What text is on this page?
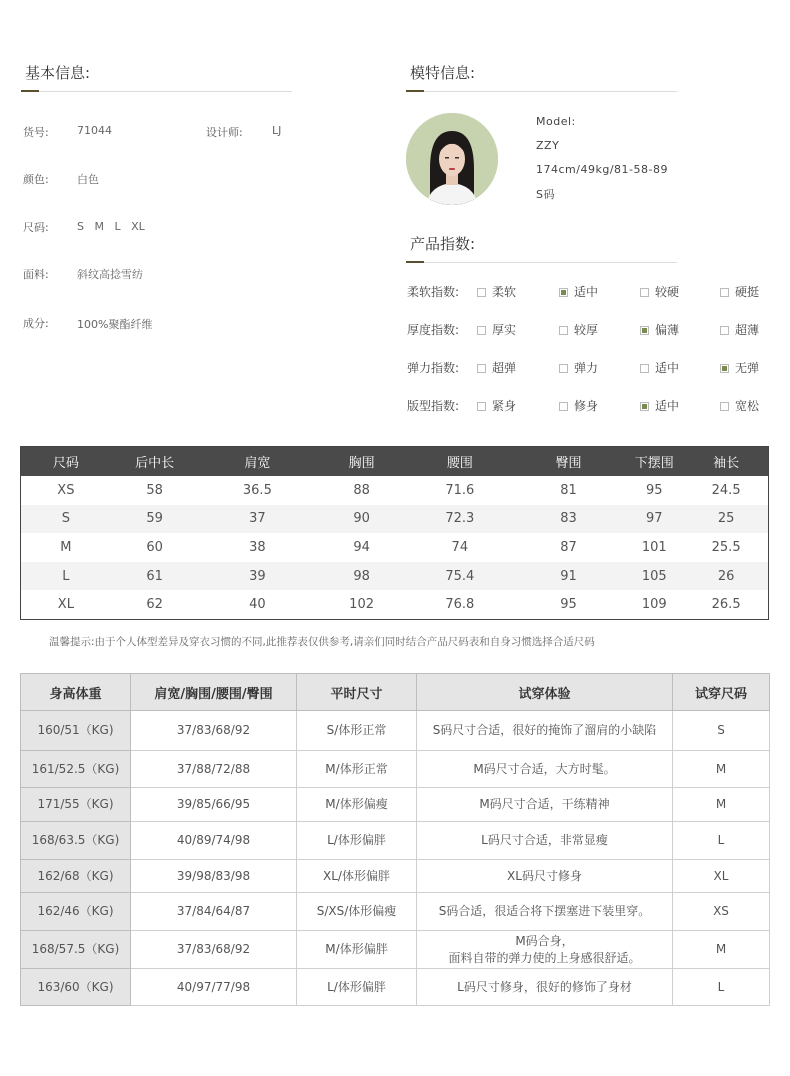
基本信息:
货号:	71044	设计师:	LJ
颜色:	白色
尺码:	S M L XL
面料:	斜纹高捻雪纺
成分:	100%聚酯纤维
模特信息:
Model:
ZZY
174cm/49kg/81-58-89
S码
产品指数:
柔软指数:	柔软	适中	较硬	硬挺
厚度指数:	厚实	较厚	偏薄	超薄
弹力指数:	超弹	弹力	适中	无弹
版型指数:	紧身	修身	适中	宽松
尺码	后中长	肩宽	胸围	腰围	臀围	下摆围	袖长
XS	58	36.5	88	71.6	81	95	24.5
S	59	37	90	72.3	83	97	25
M	60	38	94	74	87	101	25.5
L	61	39	98	75.4	91	105	26
XL	62	40	102	76.8	95	109	26.5
温馨提示:由于个人体型差异及穿衣习惯的不同,此推荐表仅供参考,请亲们同时结合产品尺码表和自身习惯选择合适尺码
身高体重	肩宽/胸围/腰围/臀围	平时尺寸	试穿体验	试穿尺码
160/51（KG)	37/83/68/92	S/体形正常	S码尺寸合适，很好的掩饰了溜肩的小缺陷	S
161/52.5（KG)	37/88/72/88	M/体形正常	M码尺寸合适，大方时髦。	M
171/55（KG)	39/85/66/95	M/体形偏瘦	M码尺寸合适，干练精神	M
168/63.5（KG)	40/89/74/98	L/体形偏胖	L码尺寸合适，非常显瘦	L
162/68（KG)	39/98/83/98	XL/体形偏胖	XL码尺寸修身	XL
162/46（KG)	37/84/64/87	S/XS/体形偏瘦	S码合适，很适合将下摆塞进下装里穿。	XS
168/57.5（KG)	37/83/68/92	M/体形偏胖	M码合身，
面料自带的弹力使的上身感很舒适。	M
163/60（KG)	40/97/77/98	L/体形偏胖	L码尺寸修身，很好的修饰了身材	L
